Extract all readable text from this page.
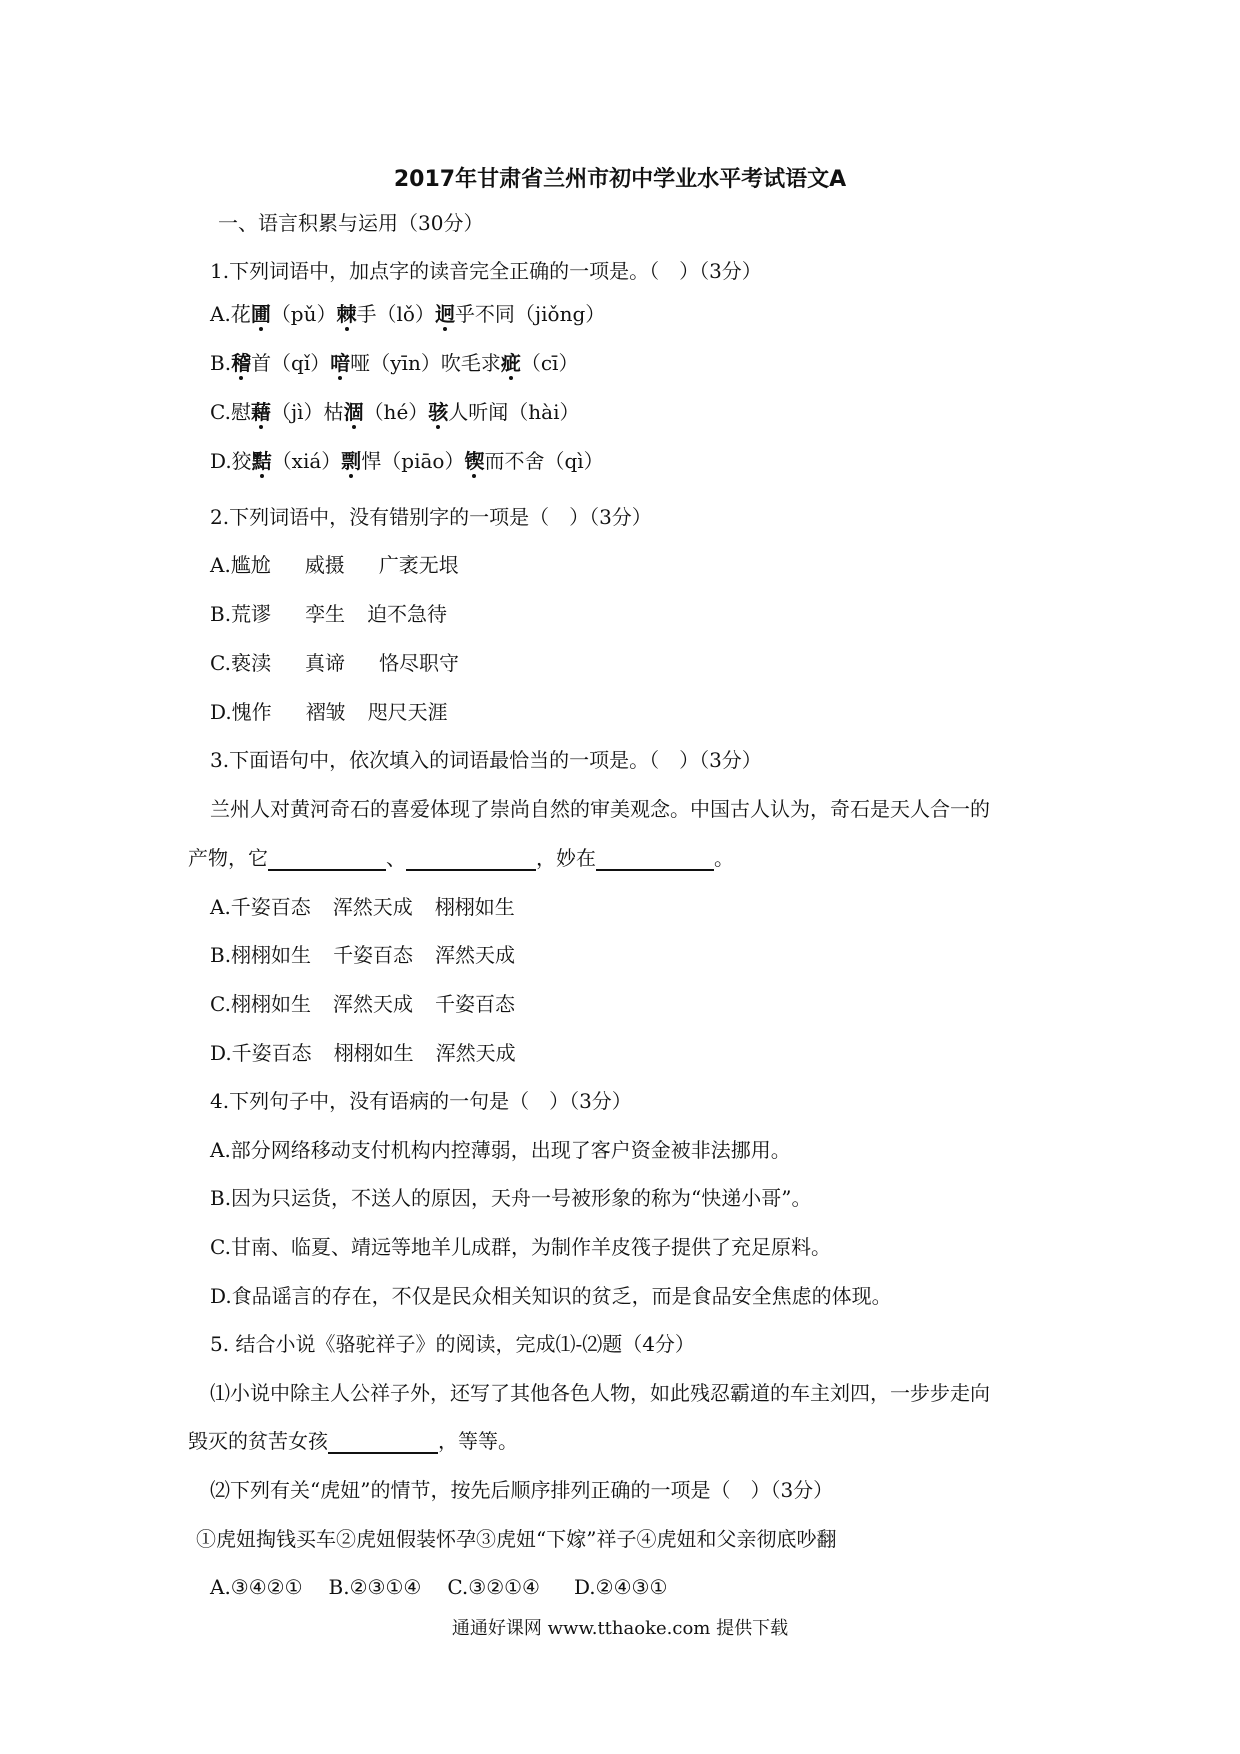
2017年甘肃省兰州市初中学业水平考试语文A
一、语言积累与运用（30分）
1.下列词语中，加点字的读音完全正确的一项是。（　）（3分）
A.花圃（pǔ）棘手（lǒ）迥乎不同（jiǒng）
B.稽首（qǐ）喑哑（yīn）吹毛求疵（cī）
C.慰藉（jì）枯涸（hé）骇人听闻（hài）
D.狡黠（xiá）剽悍（piāo）锲而不舍（qì）
2.下列词语中，没有错别字的一项是（　）（3分）
A.尴尬 威摄 广袤无垠
B.荒谬 孪生 迫不急待
C.亵渎 真谛 恪尽职守
D.愧作 褶皱 咫尺天涯
3.下面语句中，依次填入的词语最恰当的一项是。（　）（3分）
兰州人对黄河奇石的喜爱体现了崇尚自然的审美观念。中国古人认为，奇石是天人合一的
产物，它	、	，妙在	。
A.千姿百态 浑然天成 栩栩如生
B.栩栩如生 千姿百态 浑然天成
C.栩栩如生 浑然天成 千姿百态
D.千姿百态 栩栩如生 浑然天成
4.下列句子中，没有语病的一句是（　）（3分）
A.部分网络移动支付机构内控薄弱，出现了客户资金被非法挪用。
B.因为只运货，不送人的原因，天舟一号被形象的称为“快递小哥”。
C.甘南、临夏、靖远等地羊儿成群，为制作羊皮筏子提供了充足原料。
D.食品谣言的存在，不仅是民众相关知识的贫乏，而是食品安全焦虑的体现。
5. 结合小说《骆驼祥子》的阅读，完成⑴-⑵题（4分）
⑴小说中除主人公祥子外，还写了其他各色人物，如此残忍霸道的车主刘四，一步步走向
毁灭的贫苦女孩	，等等。
⑵下列有关“虎妞”的情节，按先后顺序排列正确的一项是（　）（3分）
①虎妞掏钱买车②虎妞假装怀孕③虎妞“下嫁”祥子④虎妞和父亲彻底吵翻
A.③④②① B.②③①④ C.③②①④ D.②④③①
通通好课网 www.tthaoke.com 提供下载
